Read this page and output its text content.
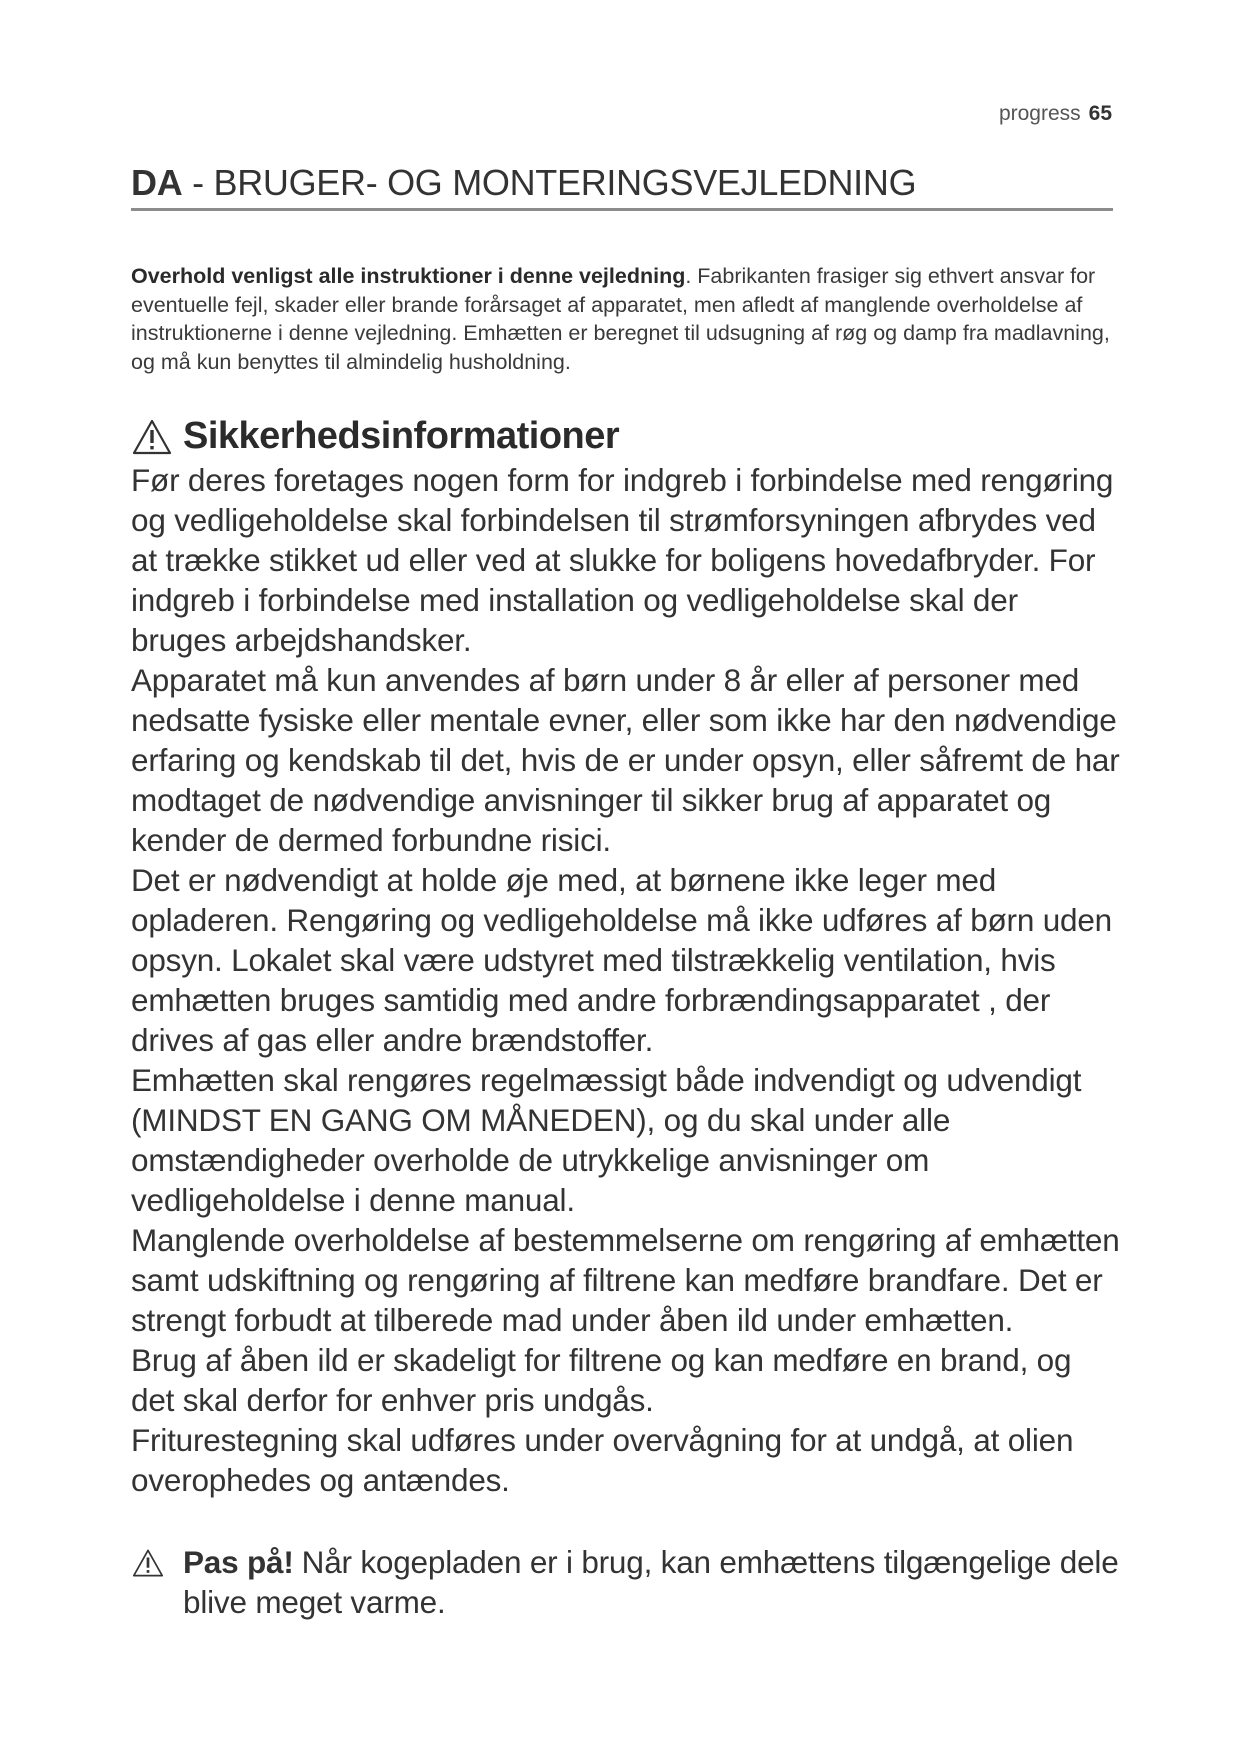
progress 65
DA - BRUGER- OG MONTERINGSVEJLEDNING

Overhold venligst alle instruktioner i denne vejledning. Fabrikanten frasiger sig ethvert ansvar for eventuelle fejl, skader eller brande forårsaget af apparatet, men afledt af manglende overholdelse af instruktionerne i denne vejledning. Emhætten er beregnet til udsugning af røg og damp fra madlavning, og må kun benyttes til almindelig husholdning.

Sikkerhedsinformationer

Før deres foretages nogen form for indgreb i forbindelse med rengøring og vedligeholdelse skal forbindelsen til strømforsyningen afbrydes ved at trække stikket ud eller ved at slukke for boligens hovedafbryder. For indgreb i forbindelse med installation og vedligeholdelse skal der bruges arbejdshandsker.

Apparatet må kun anvendes af børn under 8 år eller af personer med nedsatte fysiske eller mentale evner, eller som ikke har den nødvendige erfaring og kendskab til det, hvis de er under opsyn, eller såfremt de har modtaget de nødvendige anvisninger til sikker brug af apparatet og kender de dermed forbundne risici.

Det er nødvendigt at holde øje med, at børnene ikke leger med opladeren. Rengøring og vedligeholdelse må ikke udføres af børn uden opsyn. Lokalet skal være udstyret med tilstrækkelig ventilation, hvis emhætten bruges samtidig med andre forbrændingsapparatet , der drives af gas eller andre brændstoffer.

Emhætten skal rengøres regelmæssigt både indvendigt og udvendigt (MINDST EN GANG OM MÅNEDEN), og du skal under alle omstændigheder overholde de utrykkelige anvisninger om vedligeholdelse i denne manual.

Manglende overholdelse af bestemmelserne om rengøring af emhætten samt udskiftning og rengøring af filtrene kan medføre brandfare. Det er strengt forbudt at tilberede mad under åben ild under emhætten.

Brug af åben ild er skadeligt for filtrene og kan medføre en brand, og det skal derfor for enhver pris undgås.

Friturestegning skal udføres under overvågning for at undgå, at olien overophedes og antændes.

Pas på! Når kogepladen er i brug, kan emhættens tilgængelige dele blive meget varme.
